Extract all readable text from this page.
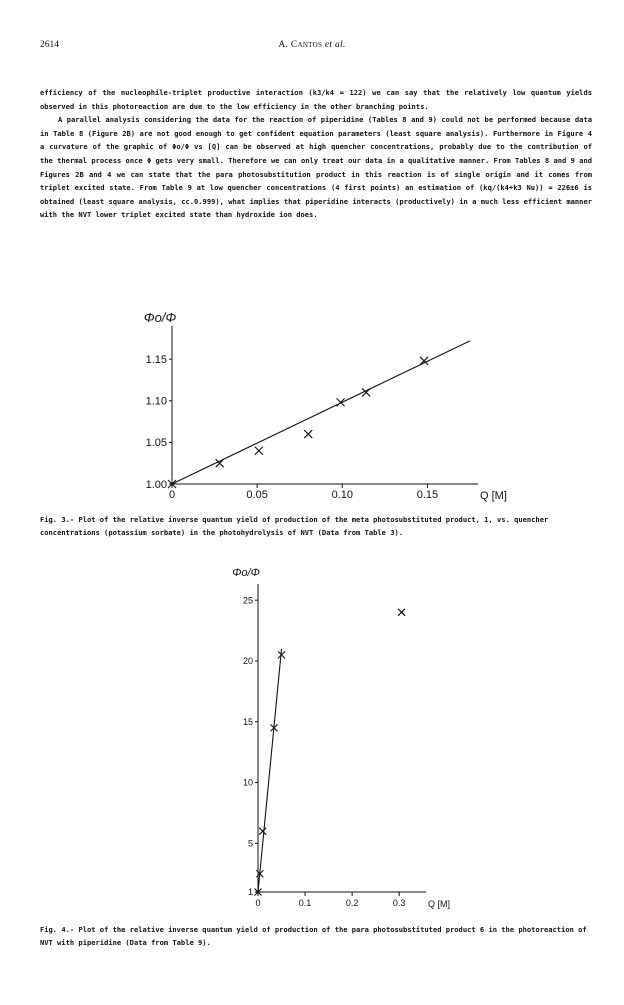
2614	A. Cantos et al.

efficiency of the nucleophile-triplet productive interaction (k3/k4 = 122) we can say that the relatively low quantum yields observed in this photoreaction are due to the low efficiency in the other branching points.

A parallel analysis considering the data for the reaction of piperidine (Tables 8 and 9) could not be performed because data in Table 8 (Figure 2B) are not good enough to get confident equation parameters (least square analysis). Furthermore in Figure 4 a curvature of the graphic of Φo/Φ vs [Q] can be observed at high quencher concentrations, probably due to the contribution of the thermal process once Φ gets very small. Therefore we can only treat our data in a qualitative manner. From Tables 8 and 9 and Figures 2B and 4 we can state that the para photosubstitution product in this reaction is of single origin and it comes from triplet excited state. From Table 9 at low quencher concentrations (4 first points) an estimation of (kq/(k4+k3 Nu)) = 226±6 is obtained (least square analysis, cc.0.999), what implies that piperidine interacts (productively) in a much less efficient manner with the NVT lower triplet excited state than hydroxide ion does.

0	0.05	0.10	0.15
1.00
1.05
1.10
1.15
Φo/Φ
Q [M]
Fig. 3.- Plot of the relative inverse quantum yield of production of the meta photosubstituted product, 1, vs. quencher concentrations (potassium sorbate) in the photohydrolysis of NVT (Data from Table 3).
0	0.1	0.2	0.3
1
5
10
15
20
25
Φo/Φ
Q [M]
Fig. 4.- Plot of the relative inverse quantum yield of production of the para photosubstituted product 6 in the photoreaction of NVT with piperidine (Data from Table 9).
